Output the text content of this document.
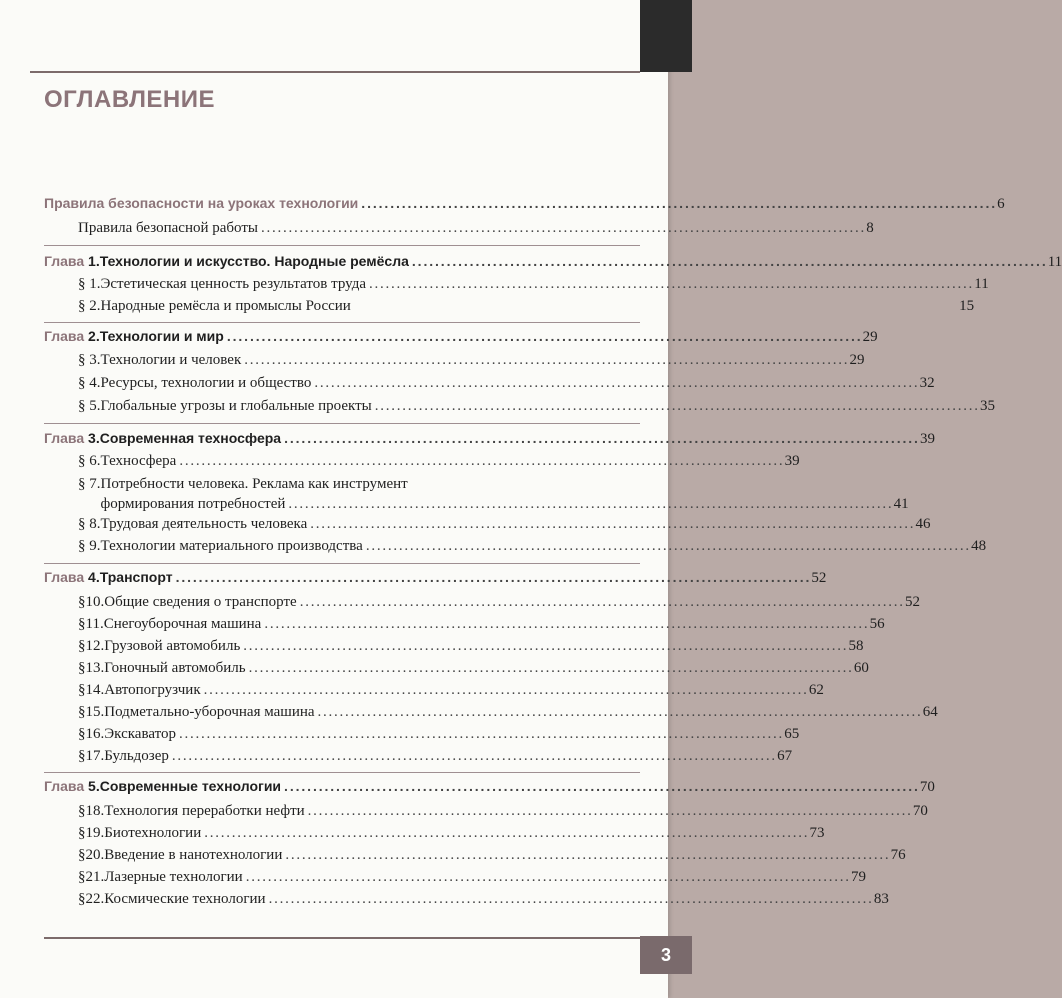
ОГЛАВЛЕНИЕ
Правила безопасности на уроках технологии . . .	6
Правила безопасной работы . . .	8
Глава 1. Технологии и искусство. Народные ремёсла . . .	11
§ 1. Эстетическая ценность результатов труда . . .	11
§ 2. Народные ремёсла и промыслы России	15
Глава 2. Технологии и мир . . .	29
§ 3. Технологии и человек . . .	29
§ 4. Ресурсы, технологии и общество . . .	32
§ 5. Глобальные угрозы и глобальные проекты . . .	35
Глава 3. Современная техносфера . . .	39
§ 6. Техносфера . . .	39
§ 7. Потребности человека. Реклама как инструмент
формирования потребностей . . .	41
§ 8. Трудовая деятельность человека . . .	46
§ 9. Технологии материального производства . . .	48
Глава 4. Транспорт . . .	52
§10. Общие сведения о транспорте . . .	52
§11. Снегоуборочная машина . . .	56
§12. Грузовой автомобиль . . .	58
§13. Гоночный автомобиль . . .	60
§14. Автопогрузчик . . .	62
§15. Подметально-уборочная машина . . .	64
§16. Экскаватор . . .	65
§17. Бульдозер . . .	67
Глава 5. Современные технологии . . .	70
§18. Технология переработки нефти . . .	70
§19. Биотехнологии . . .	73
§20. Введение в нанотехнологии . . .	76
§21. Лазерные технологии . . .	79
§22. Космические технологии . . .	83
3
